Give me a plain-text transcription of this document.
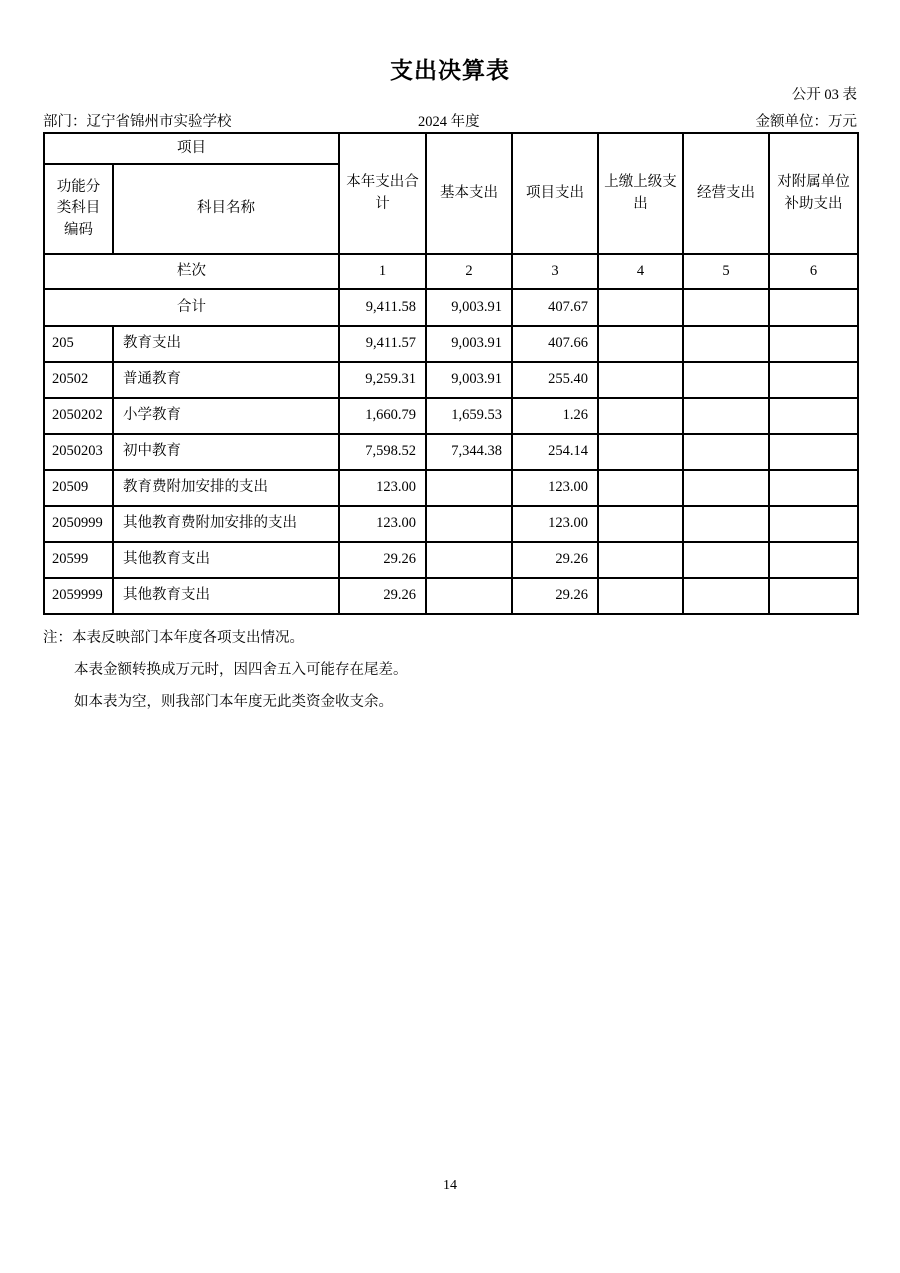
支出决算表
公开 03 表
部门：辽宁省锦州市实验学校	2024 年度	金额单位：万元
项目		本年支出合计	基本支出	项目支出	上缴上级支出	经营支出	对附属单位补助支出
功能分类科目编码	科目名称						
栏次		1	2	3	4	5	6
合计		9,411.58	9,003.91	407.67			
205	教育支出	9,411.57	9,003.91	407.66			
20502	普通教育	9,259.31	9,003.91	255.40			
2050202	小学教育	1,660.79	1,659.53	1.26			
2050203	初中教育	7,598.52	7,344.38	254.14			
20509	教育费附加安排的支出	123.00		123.00			
2050999	其他教育费附加安排的支出	123.00		123.00			
20599	其他教育支出	29.26		29.26			
2059999	其他教育支出	29.26		29.26			
注：本表反映部门本年度各项支出情况。
本表金额转换成万元时，因四舍五入可能存在尾差。
如本表为空，则我部门本年度无此类资金收支余。
14
